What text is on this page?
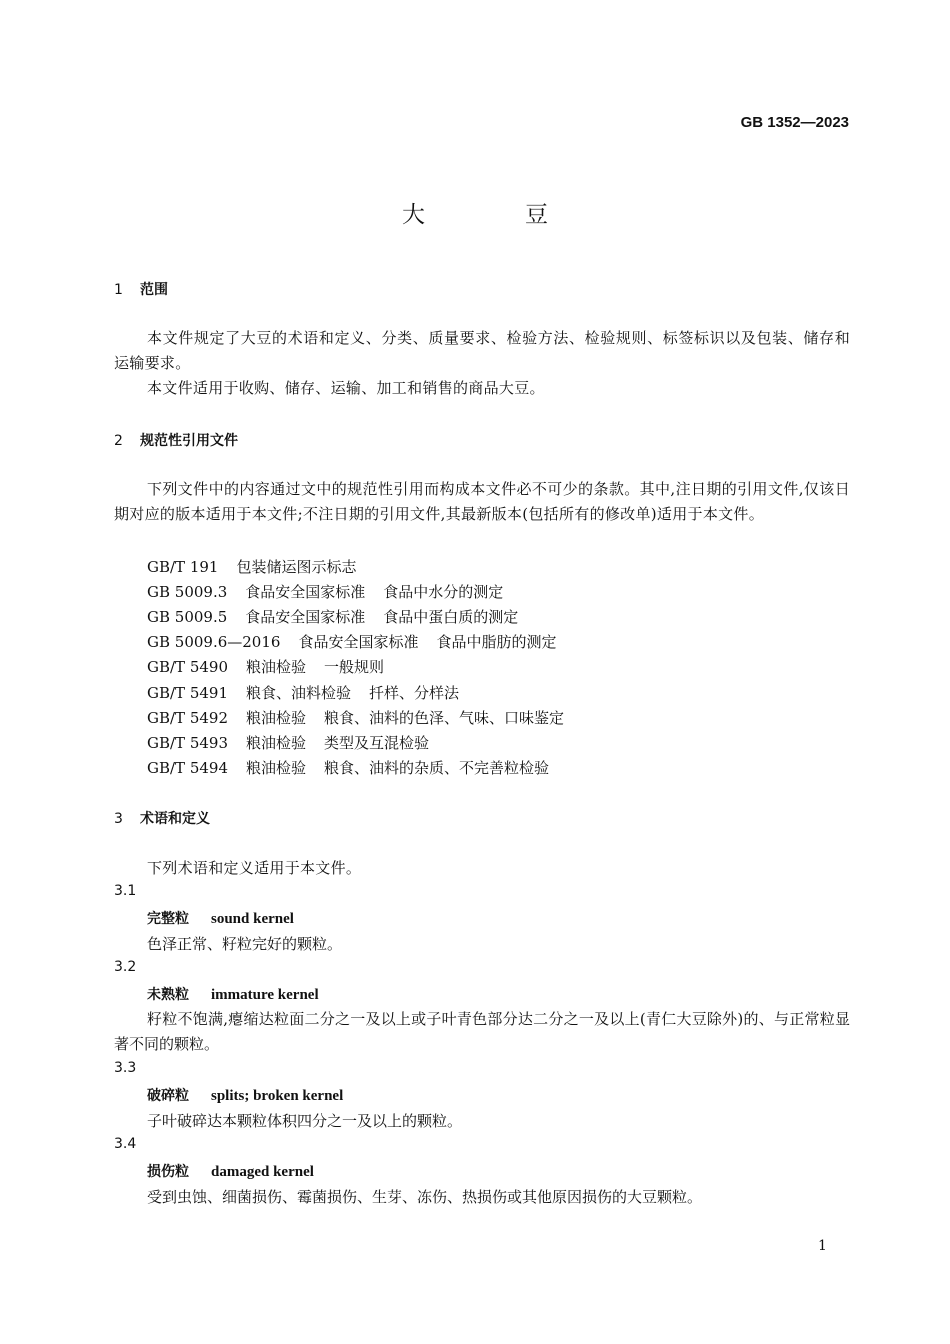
GB 1352—2023
大豆
1 范围
本文件规定了大豆的术语和定义、分类、质量要求、检验方法、检验规则、标签标识以及包装、储存和运输要求。
本文件适用于收购、储存、运输、加工和销售的商品大豆。
2 规范性引用文件
下列文件中的内容通过文中的规范性引用而构成本文件必不可少的条款。其中,注日期的引用文件,仅该日期对应的版本适用于本文件;不注日期的引用文件,其最新版本(包括所有的修改单)适用于本文件。
GB/T 191 包装储运图示标志
GB 5009.3 食品安全国家标准 食品中水分的测定
GB 5009.5 食品安全国家标准 食品中蛋白质的测定
GB 5009.6—2016 食品安全国家标准 食品中脂肪的测定
GB/T 5490 粮油检验 一般规则
GB/T 5491 粮食、油料检验 扦样、分样法
GB/T 5492 粮油检验 粮食、油料的色泽、气味、口味鉴定
GB/T 5493 粮油检验 类型及互混检验
GB/T 5494 粮油检验 粮食、油料的杂质、不完善粒检验
3 术语和定义
下列术语和定义适用于本文件。
3.1
完整粒 sound kernel
色泽正常、籽粒完好的颗粒。
3.2
未熟粒 immature kernel
籽粒不饱满,瘪缩达粒面二分之一及以上或子叶青色部分达二分之一及以上(青仁大豆除外)的、与正常粒显著不同的颗粒。
3.3
破碎粒 splits; broken kernel
子叶破碎达本颗粒体积四分之一及以上的颗粒。
3.4
损伤粒 damaged kernel
受到虫蚀、细菌损伤、霉菌损伤、生芽、冻伤、热损伤或其他原因损伤的大豆颗粒。
1
